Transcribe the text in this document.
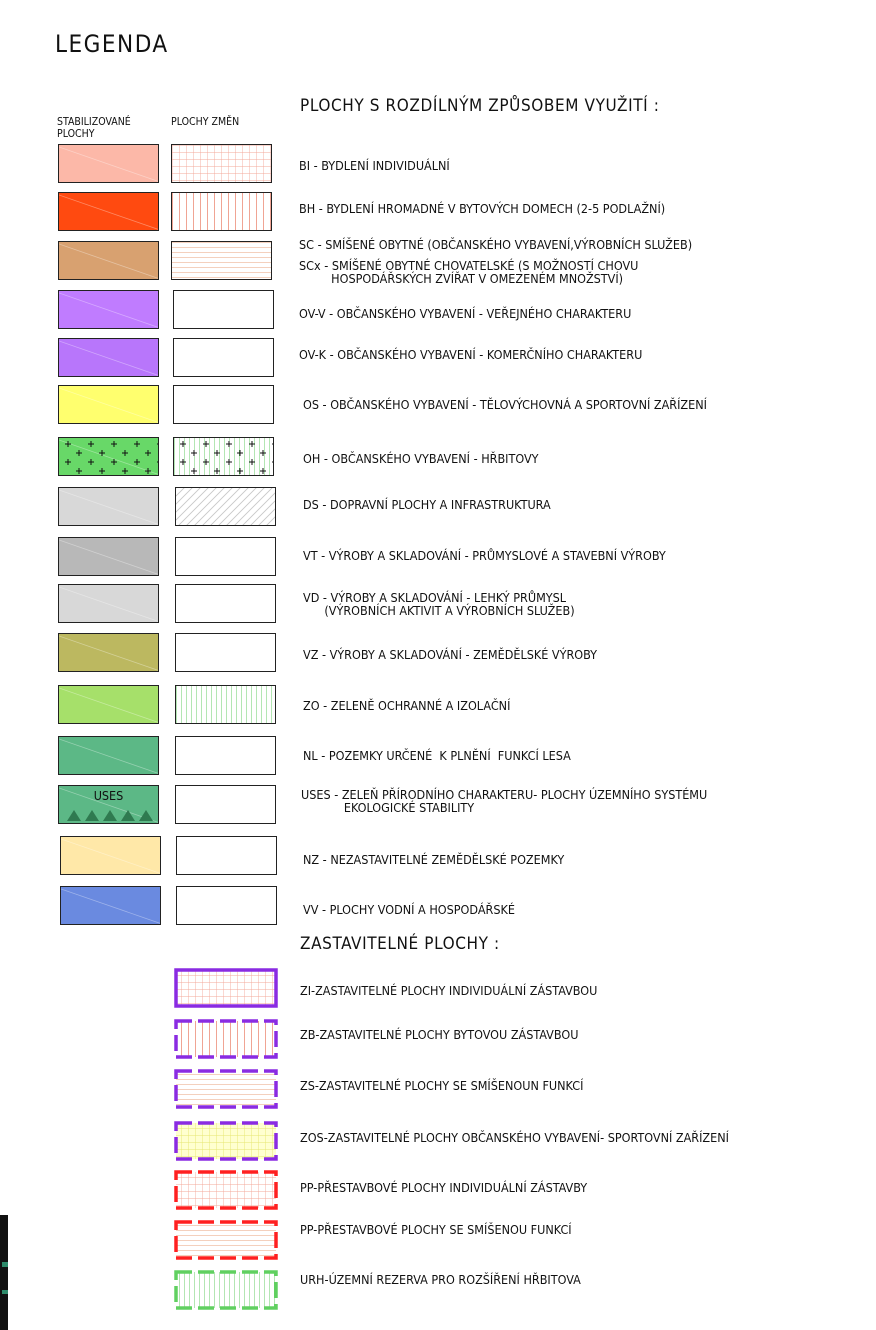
LEGENDA
STABILIZOVANÉ
PLOCHY
PLOCHY ZMĚN
PLOCHY S ROZDÍLNÝM ZPŮSOBEM VYUŽITÍ :
ZASTAVITELNÉ PLOCHY :
BI - BYDLENÍ INDIVIDUÁLNÍ
BH - BYDLENÍ HROMADNÉ V BYTOVÝCH DOMECH (2-5 PODLAŽNÍ)
SC - SMÍŠENÉ OBYTNÉ (OBČANSKÉHO VYBAVENÍ,VÝROBNÍCH SLUŽEB)
SCx - SMÍŠENÉ OBYTNÉ CHOVATELSKÉ (S MOŽNOSTÍ CHOVU
HOSPODÁŘSKÝCH ZVÍŘAT V OMEZENÉM MNOŽSTVÍ)
OV-V - OBČANSKÉHO VYBAVENÍ - VEŘEJNÉHO CHARAKTERU
OV-K - OBČANSKÉHO VYBAVENÍ - KOMERČNÍHO CHARAKTERU
OS - OBČANSKÉHO VYBAVENÍ - TĚLOVÝCHOVNÁ A SPORTOVNÍ ZAŘÍZENÍ
OH - OBČANSKÉHO VYBAVENÍ - HŘBITOVY
DS - DOPRAVNÍ PLOCHY A INFRASTRUKTURA
VT - VÝROBY A SKLADOVÁNÍ - PRŮMYSLOVÉ A STAVEBNÍ VÝROBY
VD - VÝROBY A SKLADOVÁNÍ - LEHKÝ PRŮMYSL
(VÝROBNÍCH AKTIVIT A VÝROBNÍCH SLUŽEB)
VZ - VÝROBY A SKLADOVÁNÍ - ZEMĚDĚLSKÉ VÝROBY
ZO - ZELENĚ OCHRANNÉ A IZOLAČNÍ
NL - POZEMKY URČENÉ  K PLNĚNÍ  FUNKCÍ LESA
USES	USES - ZELEŇ PŘÍRODNÍHO CHARAKTERU- PLOCHY ÚZEMNÍHO SYSTÉMU
EKOLOGICKÉ STABILITY
NZ - NEZASTAVITELNÉ ZEMĚDĚLSKÉ POZEMKY
VV - PLOCHY VODNÍ A HOSPODÁŘSKÉ
ZI-ZASTAVITELNÉ PLOCHY INDIVIDUÁLNÍ ZÁSTAVBOU
ZB-ZASTAVITELNÉ PLOCHY BYTOVOU ZÁSTAVBOU
ZS-ZASTAVITELNÉ PLOCHY SE SMÍŠENOUN FUNKCÍ
ZOS-ZASTAVITELNÉ PLOCHY OBČANSKÉHO VYBAVENÍ- SPORTOVNÍ ZAŘÍZENÍ
PP-PŘESTAVBOVÉ PLOCHY INDIVIDUÁLNÍ ZÁSTAVBY
PP-PŘESTAVBOVÉ PLOCHY SE SMÍŠENOU FUNKCÍ
URH-ÚZEMNÍ REZERVA PRO ROZŠÍŘENÍ HŘBITOVA
